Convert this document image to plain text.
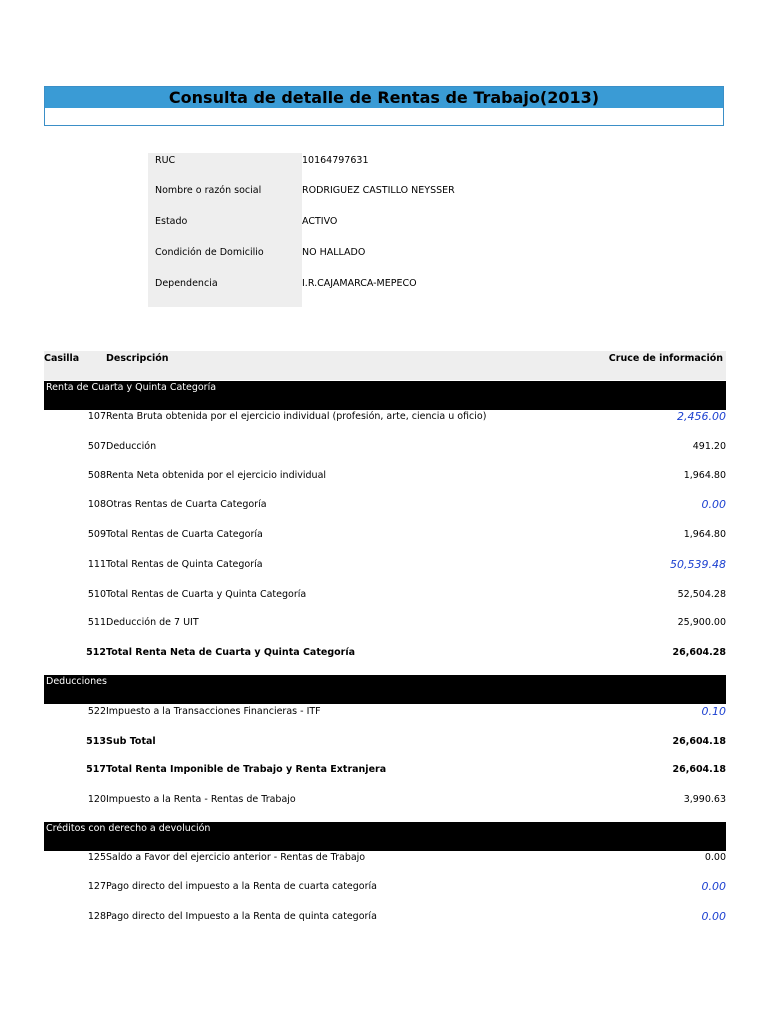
Consulta de detalle de Rentas de Trabajo(2013)
RUC	10164797631
Nombre o razón social	RODRIGUEZ CASTILLO NEYSSER
Estado	ACTIVO
Condición de Domicilio	NO HALLADO
Dependencia	I.R.CAJAMARCA-MEPECO
Casilla	Descripción	Cruce de información
Renta de Cuarta y Quinta Categoría
107 Renta Bruta obtenida por el ejercicio individual (profesión, arte, ciencia u oficio)	2,456.00
507 Deducción	491.20
508 Renta Neta obtenida por el ejercicio individual	1,964.80
108 Otras Rentas de Cuarta Categoría	0.00
509 Total Rentas de Cuarta Categoría	1,964.80
111 Total Rentas de Quinta Categoría	50,539.48
510 Total Rentas de Cuarta y Quinta Categoría	52,504.28
511 Deducción de 7 UIT	25,900.00
512 Total Renta Neta de Cuarta y Quinta Categoría	26,604.28
Deducciones
522 Impuesto a la Transacciones Financieras - ITF	0.10
513 Sub Total	26,604.18
517 Total Renta Imponible de Trabajo y Renta Extranjera	26,604.18
120 Impuesto a la Renta - Rentas de Trabajo	3,990.63
Créditos con derecho a devolución
125 Saldo a Favor del ejercicio anterior - Rentas de Trabajo	0.00
127 Pago directo del impuesto a la Renta de cuarta categoría	0.00
128 Pago directo del Impuesto a la Renta de quinta categoría	0.00
